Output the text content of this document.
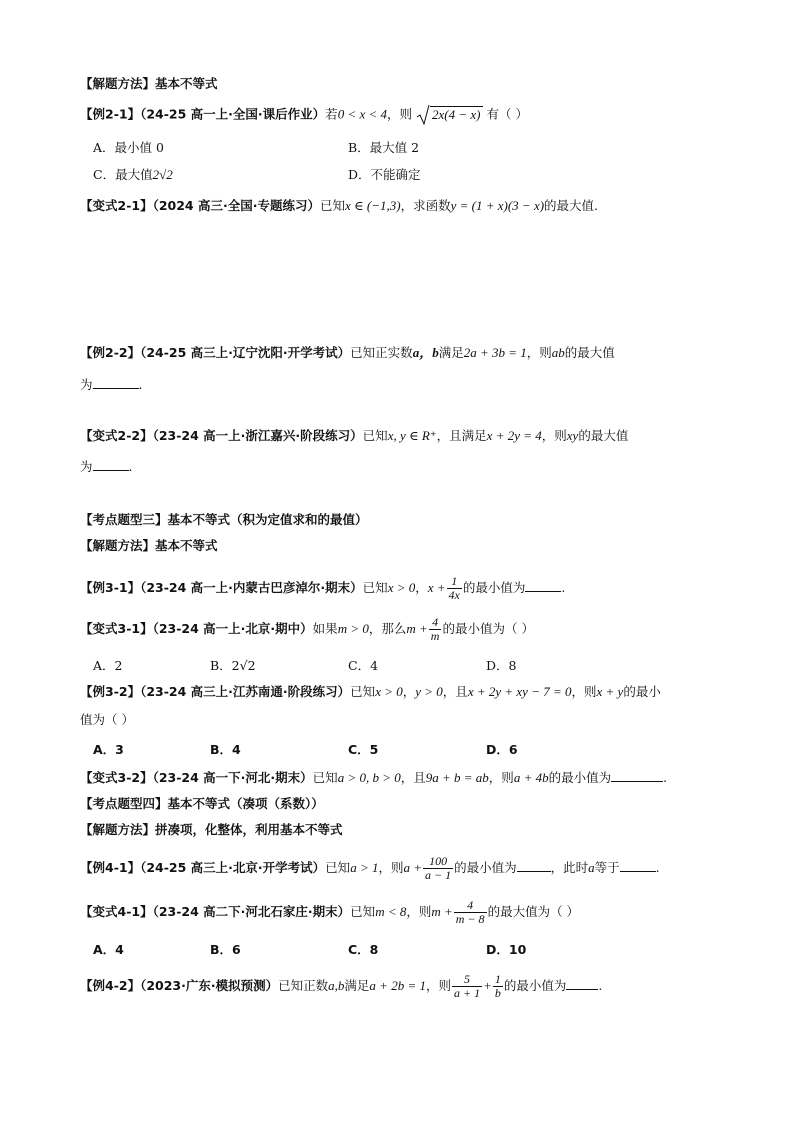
【解题方法】基本不等式
【例2-1】（24-25 高一上·全国·课后作业）若0 < x < 4，则 2x(4 − x) 有（ ）
A．最小值 0	B．最大值 2
C．最大值2√2	D．不能确定
【变式2-1】（2024 高三·全国·专题练习）已知x ∈ (−1,3)，求函数y = (1 + x)(3 − x)的最大值.
【例2-2】（24-25 高三上·辽宁沈阳·开学考试）已知正实数a，b满足2a + 3b = 1，则ab的最大值
为	.
【变式2-2】（23-24 高一上·浙江嘉兴·阶段练习）已知x, y ∈ R⁺，且满足x + 2y = 4，则xy的最大值
为	.
【考点题型三】基本不等式（积为定值求和的最值）
【解题方法】基本不等式
【例3-1】（23-24 高一上·内蒙古巴彦淖尔·期末）已知x > 0，$x + \frac{1}{4x}$ 的最小值为	.
【变式3-1】（23-24 高一上·北京·期中）如果m > 0，那么$m + \frac{4}{m}$ 的最小值为（ ）
A．2	B．2√2	C．4	D．8
【例3-2】（23-24 高三上·江苏南通·阶段练习）已知x > 0，y > 0，且x + 2y + xy − 7 = 0，则x + y的最小
值为（ ）
A．3	B．4	C．5	D．6
【变式3-2】（23-24 高一下·河北·期末）已知a > 0, b > 0，且9a + b = ab，则a + 4b的最小值为	.
【考点题型四】基本不等式（凑项（系数））
【解题方法】拼凑项，化整体，利用基本不等式
【例4-1】（24-25 高三上·北京·开学考试）已知a > 1，则$a + \frac{100}{a - 1}$ 的最小值为	，此时a等于	.
【变式4-1】（23-24 高二下·河北石家庄·期末）已知m < 8，则$m + \frac{4}{m - 8}$ 的最大值为（ ）
A．4	B．6	C．8	D．10
【例4-2】（2023·广东·模拟预测）已知正数a,b满足a + 2b = 1，则 $\frac{5}{a + 1} + \frac{1}{b}$ 的最小值为	.
